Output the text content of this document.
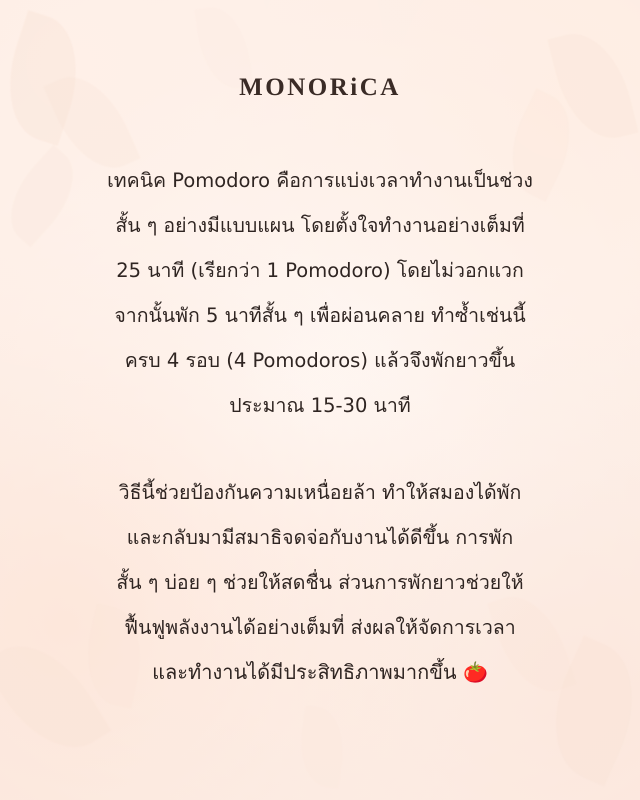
MONORiCA

เทคนิค Pomodoro คือการแบ่งเวลาทำงานเป็นช่วง
สั้น ๆ อย่างมีแบบแผน โดยตั้งใจทำงานอย่างเต็มที่
25 นาที (เรียกว่า 1 Pomodoro) โดยไม่วอกแวก
จากนั้นพัก 5 นาทีสั้น ๆ เพื่อผ่อนคลาย ทำซ้ำเช่นนี้
ครบ 4 รอบ (4 Pomodoros) แล้วจึงพักยาวขึ้น
ประมาณ 15-30 นาที

วิธีนี้ช่วยป้องกันความเหนื่อยล้า ทำให้สมองได้พัก
และกลับมามีสมาธิจดจ่อกับงานได้ดีขึ้น การพัก
สั้น ๆ บ่อย ๆ ช่วยให้สดชื่น ส่วนการพักยาวช่วยให้
ฟื้นฟูพลังงานได้อย่างเต็มที่ ส่งผลให้จัดการเวลา
และทำงานได้มีประสิทธิภาพมากขึ้น 🍅
